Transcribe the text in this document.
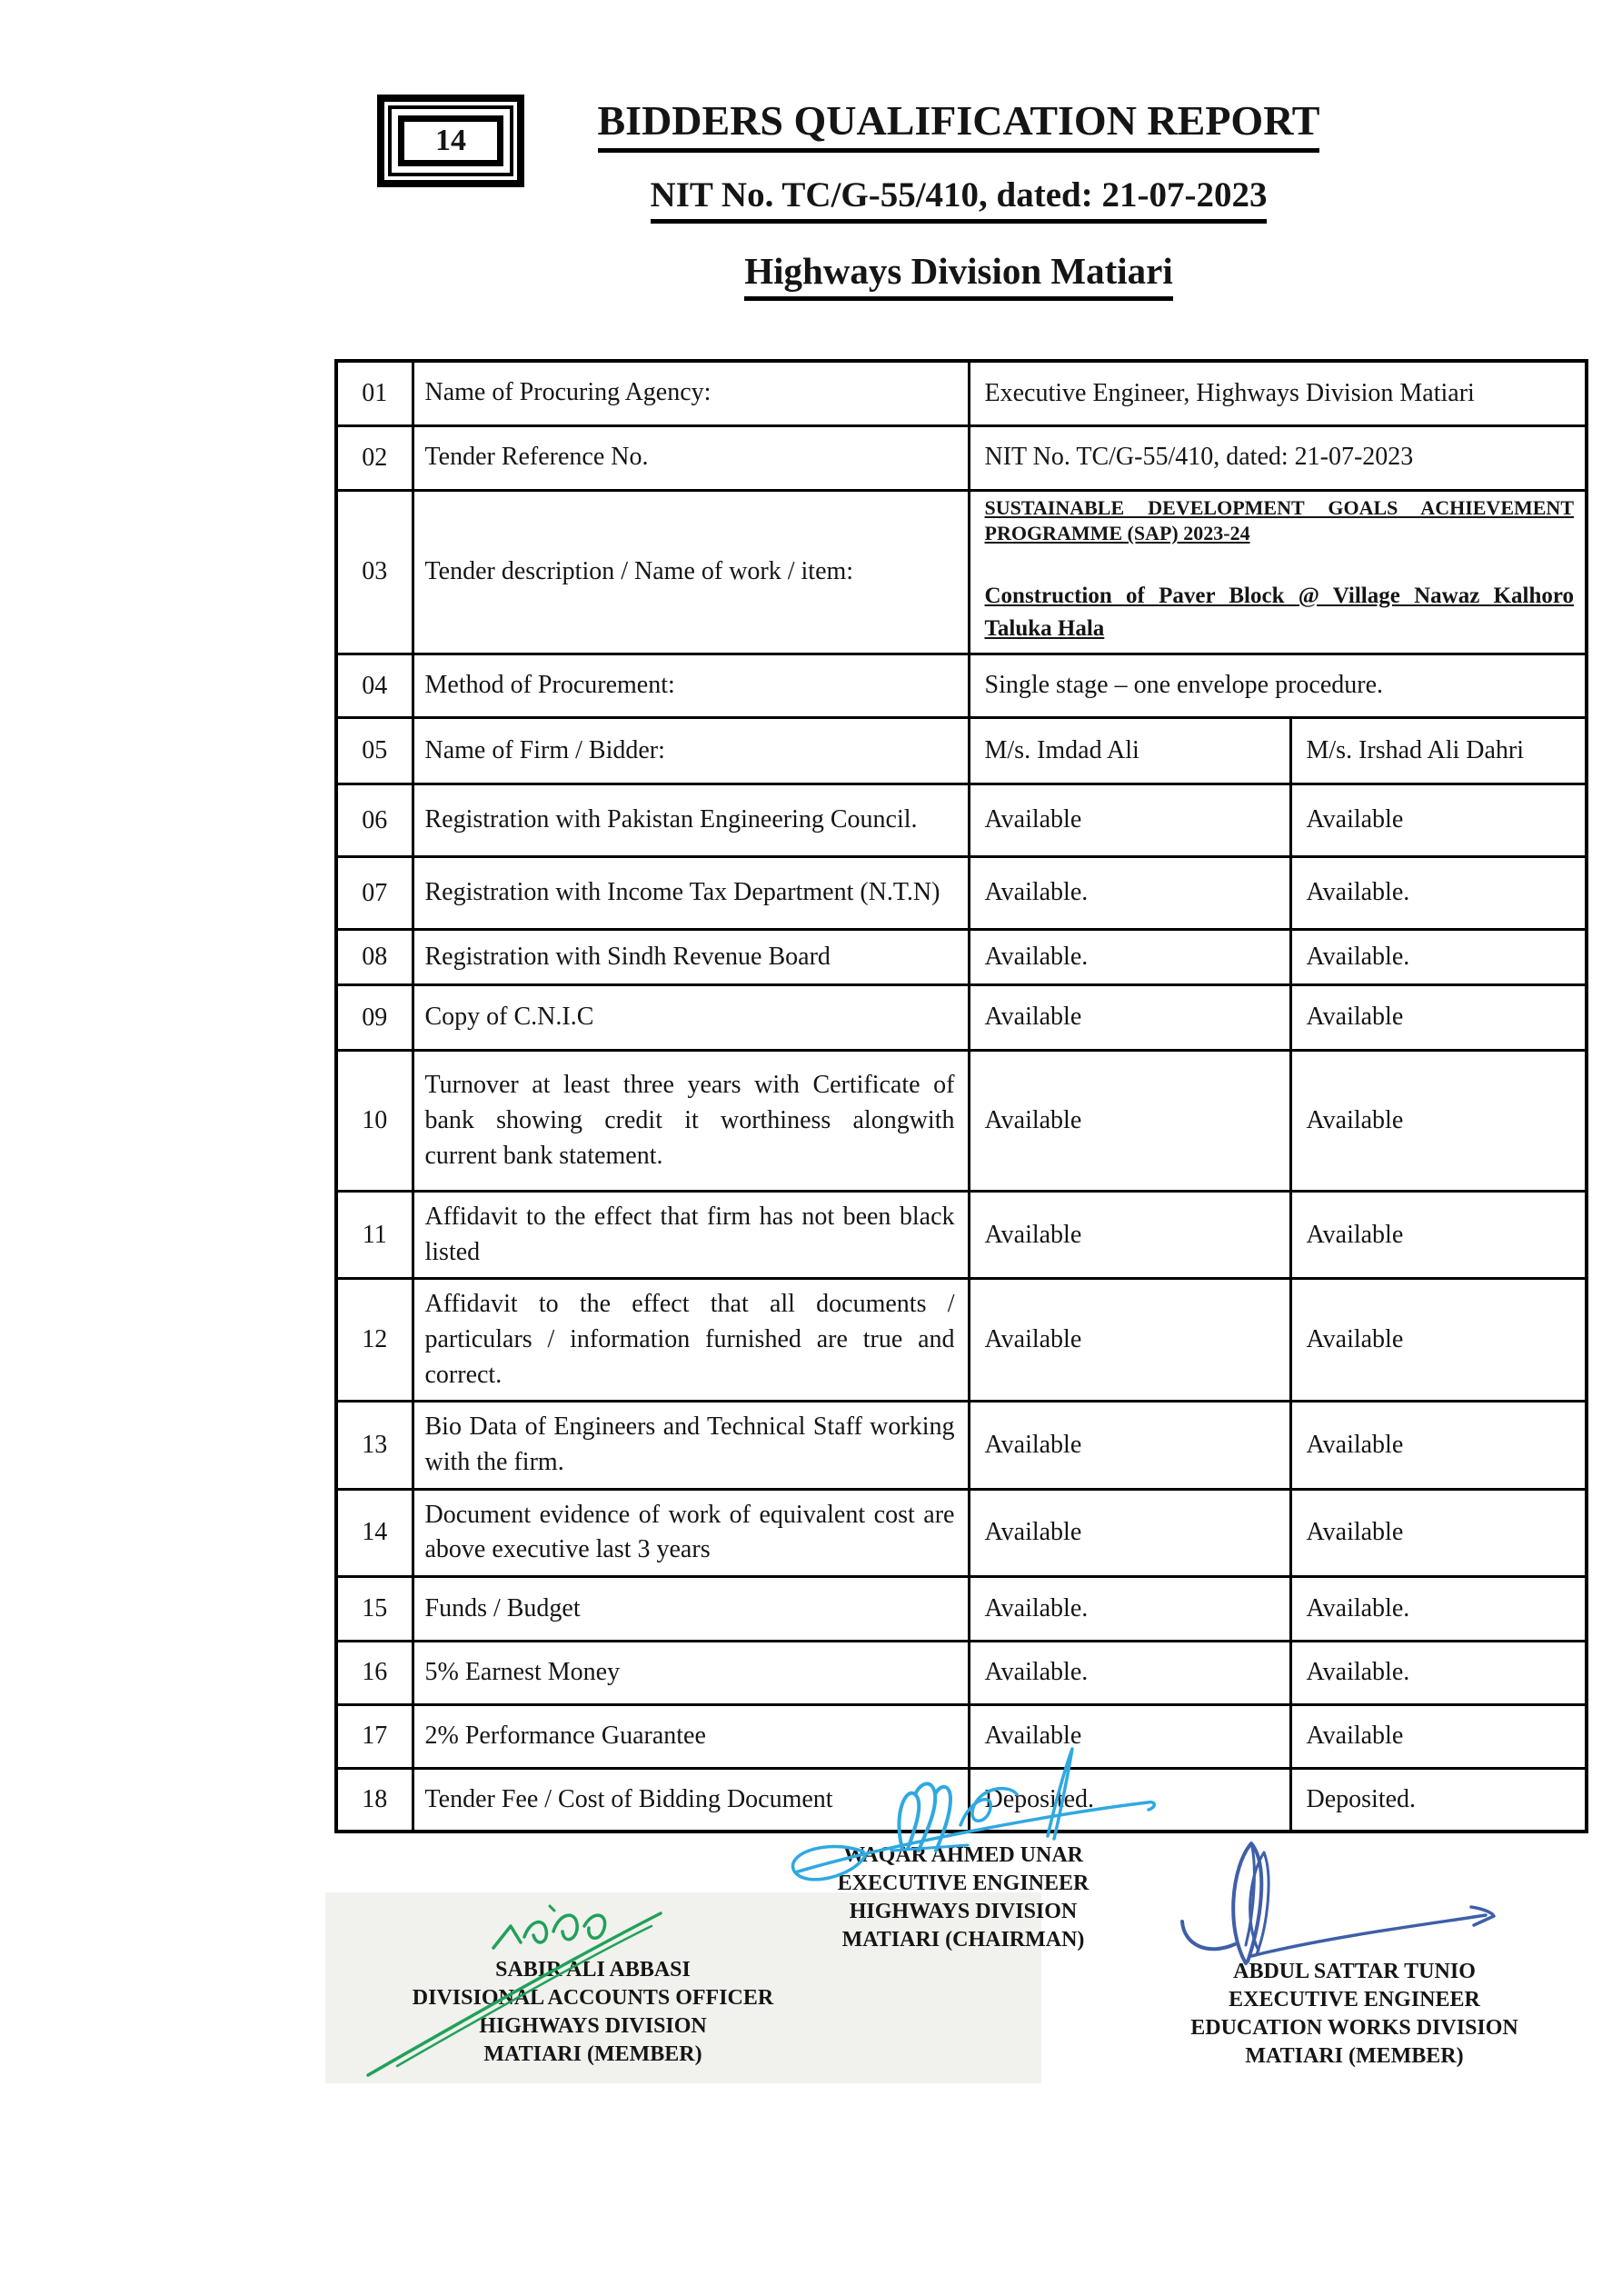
14	BIDDERS QUALIFICATION REPORT
NIT No. TC/G-55/410, dated: 21-07-2023
Highways Division Matiari
01	Name of Procuring Agency:	Executive Engineer, Highways Division Matiari	
02	Tender Reference No.	NIT No. TC/G-55/410, dated: 21-07-2023	
03	Tender description / Name of work / item:	SUSTAINABLE DEVELOPMENT GOALS ACHIEVEMENT PROGRAMME (SAP) 2023-24
Construction of Paver Block @ Village Nawaz Kalhoro Taluka Hala	

04	Method of Procurement:	Single stage – one envelope procedure.	
05	Name of Firm / Bidder:	M/s. Imdad Ali	M/s. Irshad Ali Dahri
06	Registration with Pakistan Engineering Council.	Available	Available
07	Registration with Income Tax Department (N.T.N)	Available.	Available.
08	Registration with Sindh Revenue Board	Available.	Available.
09	Copy of C.N.I.C	Available	Available
10	Turnover at least three years with Certificate of bank showing credit it worthiness alongwith current bank statement.	Available	Available
11	Affidavit to the effect that firm has not been black listed	Available	Available
12	Affidavit to the effect that all documents / particulars / information furnished are true and correct.	Available	Available
13	Bio Data of Engineers and Technical Staff working with the firm.	Available	Available
14	Document evidence of work of equivalent cost are above executive last 3 years	Available	Available
15	Funds / Budget	Available.	Available.
16	5% Earnest Money	Available.	Available.
17	2% Performance Guarantee	Available	Available
18	Tender Fee / Cost of Bidding Document	Deposited.	Deposited.
WAQAR AHMED UNAR
EXECUTIVE ENGINEER
HIGHWAYS DIVISION
MATIARI (CHAIRMAN)
SABIR ALI ABBASI
DIVISIONAL ACCOUNTS OFFICER
HIGHWAYS DIVISION
MATIARI (MEMBER)
ABDUL SATTAR TUNIO
EXECUTIVE ENGINEER
EDUCATION WORKS DIVISION
MATIARI (MEMBER)
